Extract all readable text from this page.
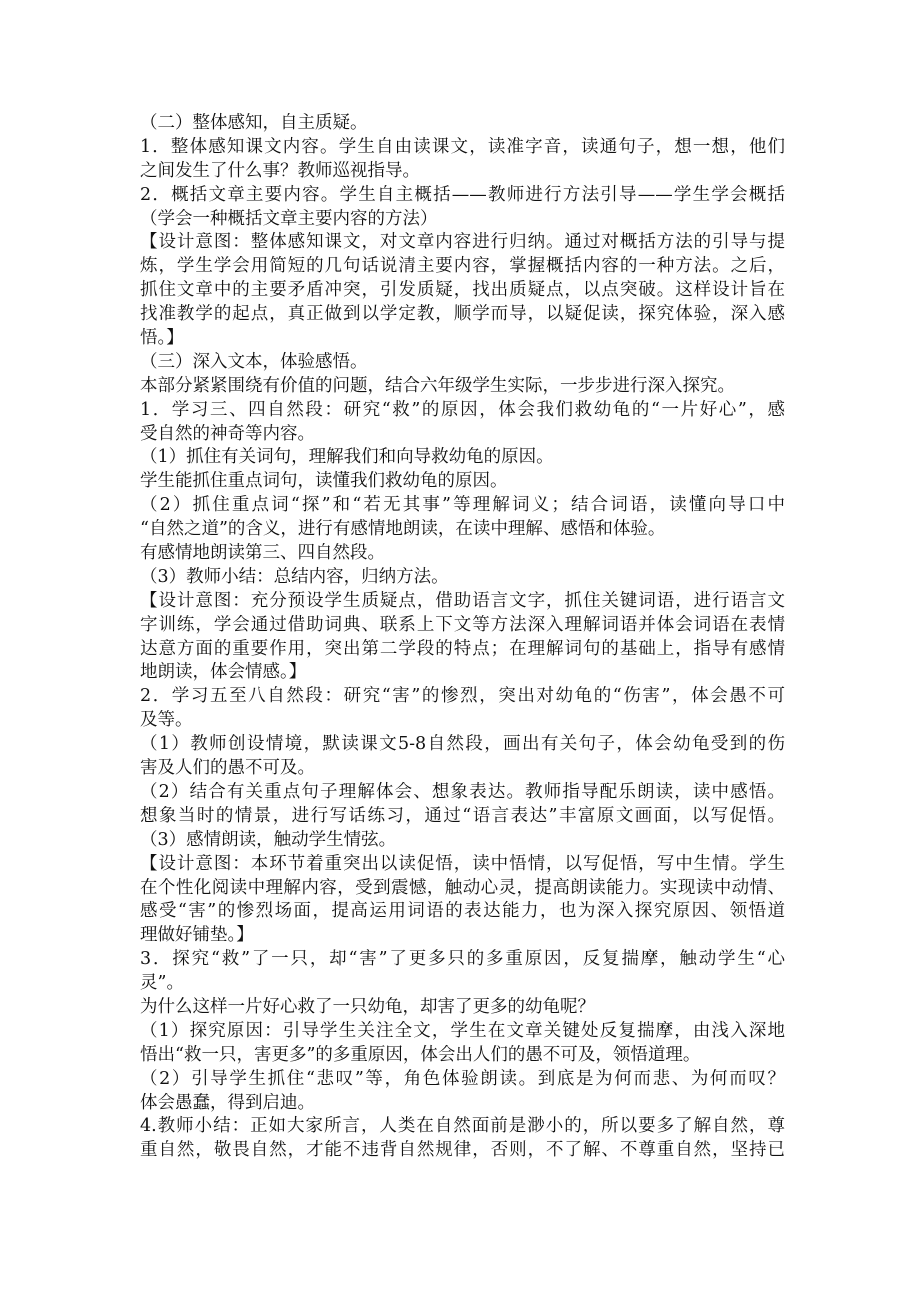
（二）整体感知，自主质疑。
1．整体感知课文内容。学生自由读课文，读准字音，读通句子，想一想，他们
之间发生了什么事？教师巡视指导。
2．概括文章主要内容。学生自主概括——教师进行方法引导——学生学会概括
（学会一种概括文章主要内容的方法）
【设计意图：整体感知课文，对文章内容进行归纳。通过对概括方法的引导与提
炼，学生学会用简短的几句话说清主要内容，掌握概括内容的一种方法。之后，
抓住文章中的主要矛盾冲突，引发质疑，找出质疑点，以点突破。这样设计旨在
找准教学的起点，真正做到以学定教，顺学而导，以疑促读，探究体验，深入感
悟。】
（三）深入文本，体验感悟。
本部分紧紧围绕有价值的问题，结合六年级学生实际，一步步进行深入探究。
1．学习三、四自然段：研究“救”的原因，体会我们救幼龟的“一片好心”，感
受自然的神奇等内容。
（1）抓住有关词句，理解我们和向导救幼龟的原因。
学生能抓住重点词句，读懂我们救幼龟的原因。
（2）抓住重点词“探”和“若无其事”等理解词义；结合词语，读懂向导口中
“自然之道”的含义，进行有感情地朗读，在读中理解、感悟和体验。
有感情地朗读第三、四自然段。
（3）教师小结：总结内容，归纳方法。
【设计意图：充分预设学生质疑点，借助语言文字，抓住关键词语，进行语言文
字训练，学会通过借助词典、联系上下文等方法深入理解词语并体会词语在表情
达意方面的重要作用，突出第二学段的特点；在理解词句的基础上，指导有感情
地朗读，体会情感。】
2．学习五至八自然段：研究“害”的惨烈，突出对幼龟的“伤害”，体会愚不可
及等。
（1）教师创设情境，默读课文5-8自然段，画出有关句子，体会幼龟受到的伤
害及人们的愚不可及。
（2）结合有关重点句子理解体会、想象表达。教师指导配乐朗读，读中感悟。
想象当时的情景，进行写话练习，通过“语言表达”丰富原文画面，以写促悟。
（3）感情朗读，触动学生情弦。
【设计意图：本环节着重突出以读促悟，读中悟情，以写促悟，写中生情。学生
在个性化阅读中理解内容，受到震憾，触动心灵，提高朗读能力。实现读中动情、
感受“害”的惨烈场面，提高运用词语的表达能力，也为深入探究原因、领悟道
理做好铺垫。】
3．探究“救”了一只，却“害”了更多只的多重原因，反复揣摩，触动学生“心
灵”。
为什么这样一片好心救了一只幼龟，却害了更多的幼龟呢？
（1）探究原因：引导学生关注全文，学生在文章关键处反复揣摩，由浅入深地
悟出“救一只，害更多”的多重原因，体会出人们的愚不可及，领悟道理。
（2）引导学生抓住“悲叹”等，角色体验朗读。到底是为何而悲、为何而叹？
体会愚蠢，得到启迪。
4.教师小结：正如大家所言，人类在自然面前是渺小的，所以要多了解自然，尊
重自然，敬畏自然，才能不违背自然规律，否则，不了解、不尊重自然，坚持已
